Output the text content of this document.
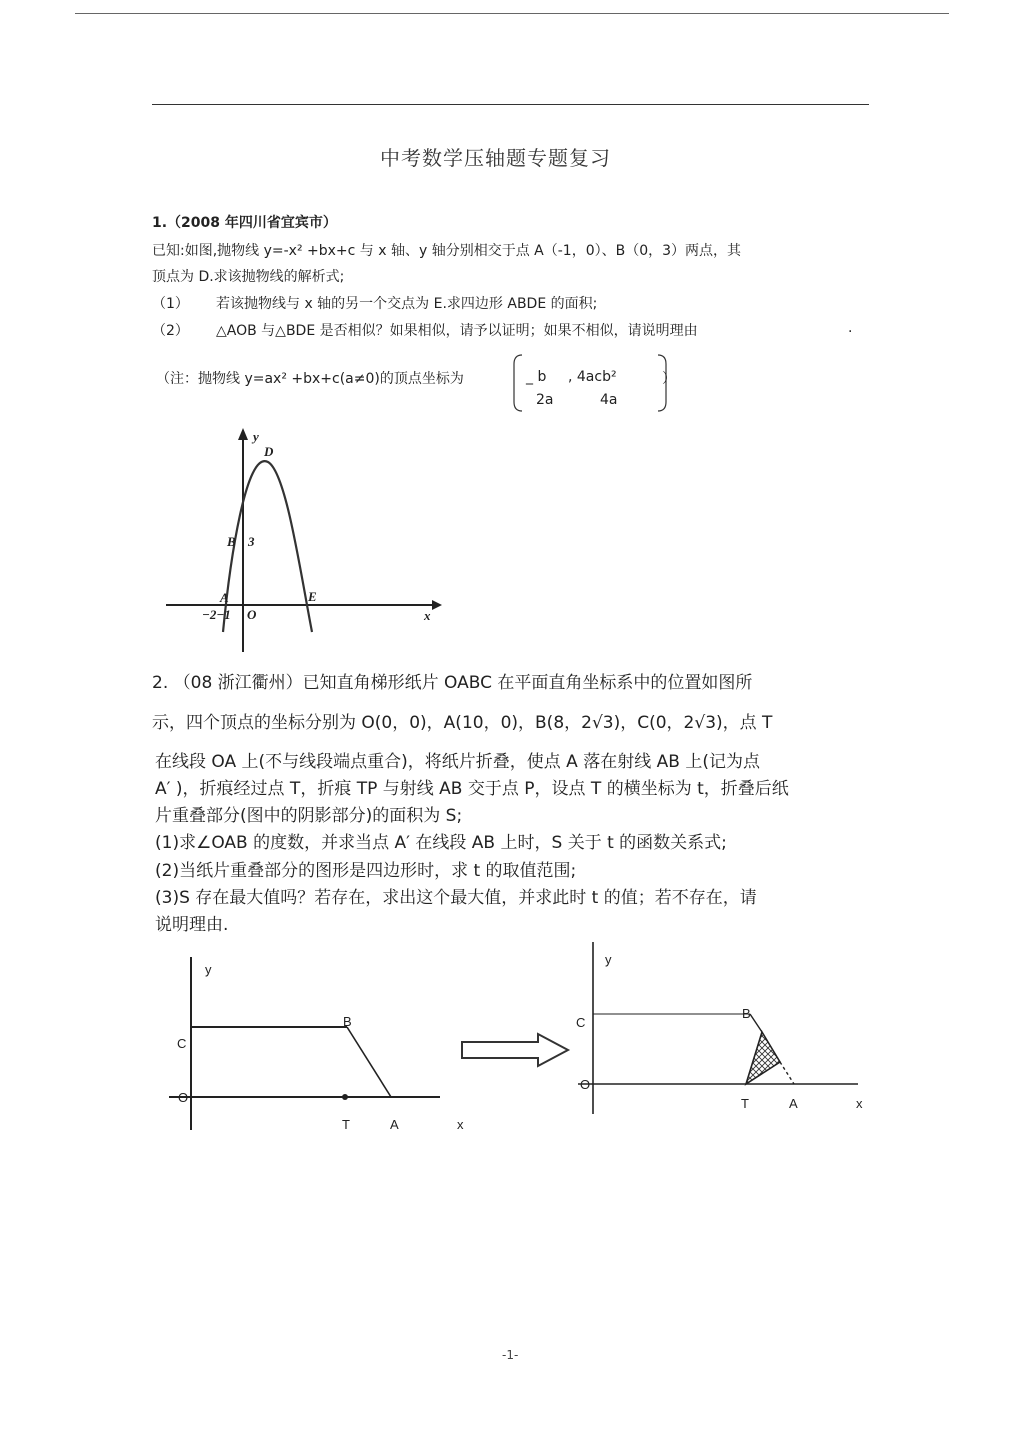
中考数学压轴题专题复习
1.（2008 年四川省宜宾市）
已知:如图,抛物线 y=-x² +bx+c 与 x 轴、y 轴分别相交于点 A（-1，0）、B（0，3）两点，其
顶点为 D.求该抛物线的解析式;
（1） 若该抛物线与 x 轴的另一个交点为 E.求四边形 ABDE 的面积;
（2） △AOB 与△BDE 是否相似？如果相似，请予以证明；如果不相似，请说明理由	.
（注：抛物线 y=ax² +bx+c(a≠0)的顶点坐标为	_ b
2a
, 4acb²
4a
）
y
D
B 3
A	E
−2−1 O	x
2. （08 浙江衢州）已知直角梯形纸片 OABC 在平面直角坐标系中的位置如图所
示，四个顶点的坐标分别为 O(0，0)，A(10，0)，B(8，2√3)，C(0，2√3)，点 T
在线段 OA 上(不与线段端点重合)，将纸片折叠，使点 A 落在射线 AB 上(记为点
A′ )，折痕经过点 T，折痕 TP 与射线 AB 交于点 P，设点 T 的横坐标为 t，折叠后纸
片重叠部分(图中的阴影部分)的面积为 S;
(1)求∠OAB 的度数，并求当点 A′ 在线段 AB 上时，S 关于 t 的函数关系式;
(2)当纸片重叠部分的图形是四边形时，求 t 的取值范围;
(3)S 存在最大值吗？若存在，求出这个最大值，并求此时 t 的值；若不存在，请
说明理由.
y
C
B
O
T	A	x
y
C
B
O
T	A	x
-1-
